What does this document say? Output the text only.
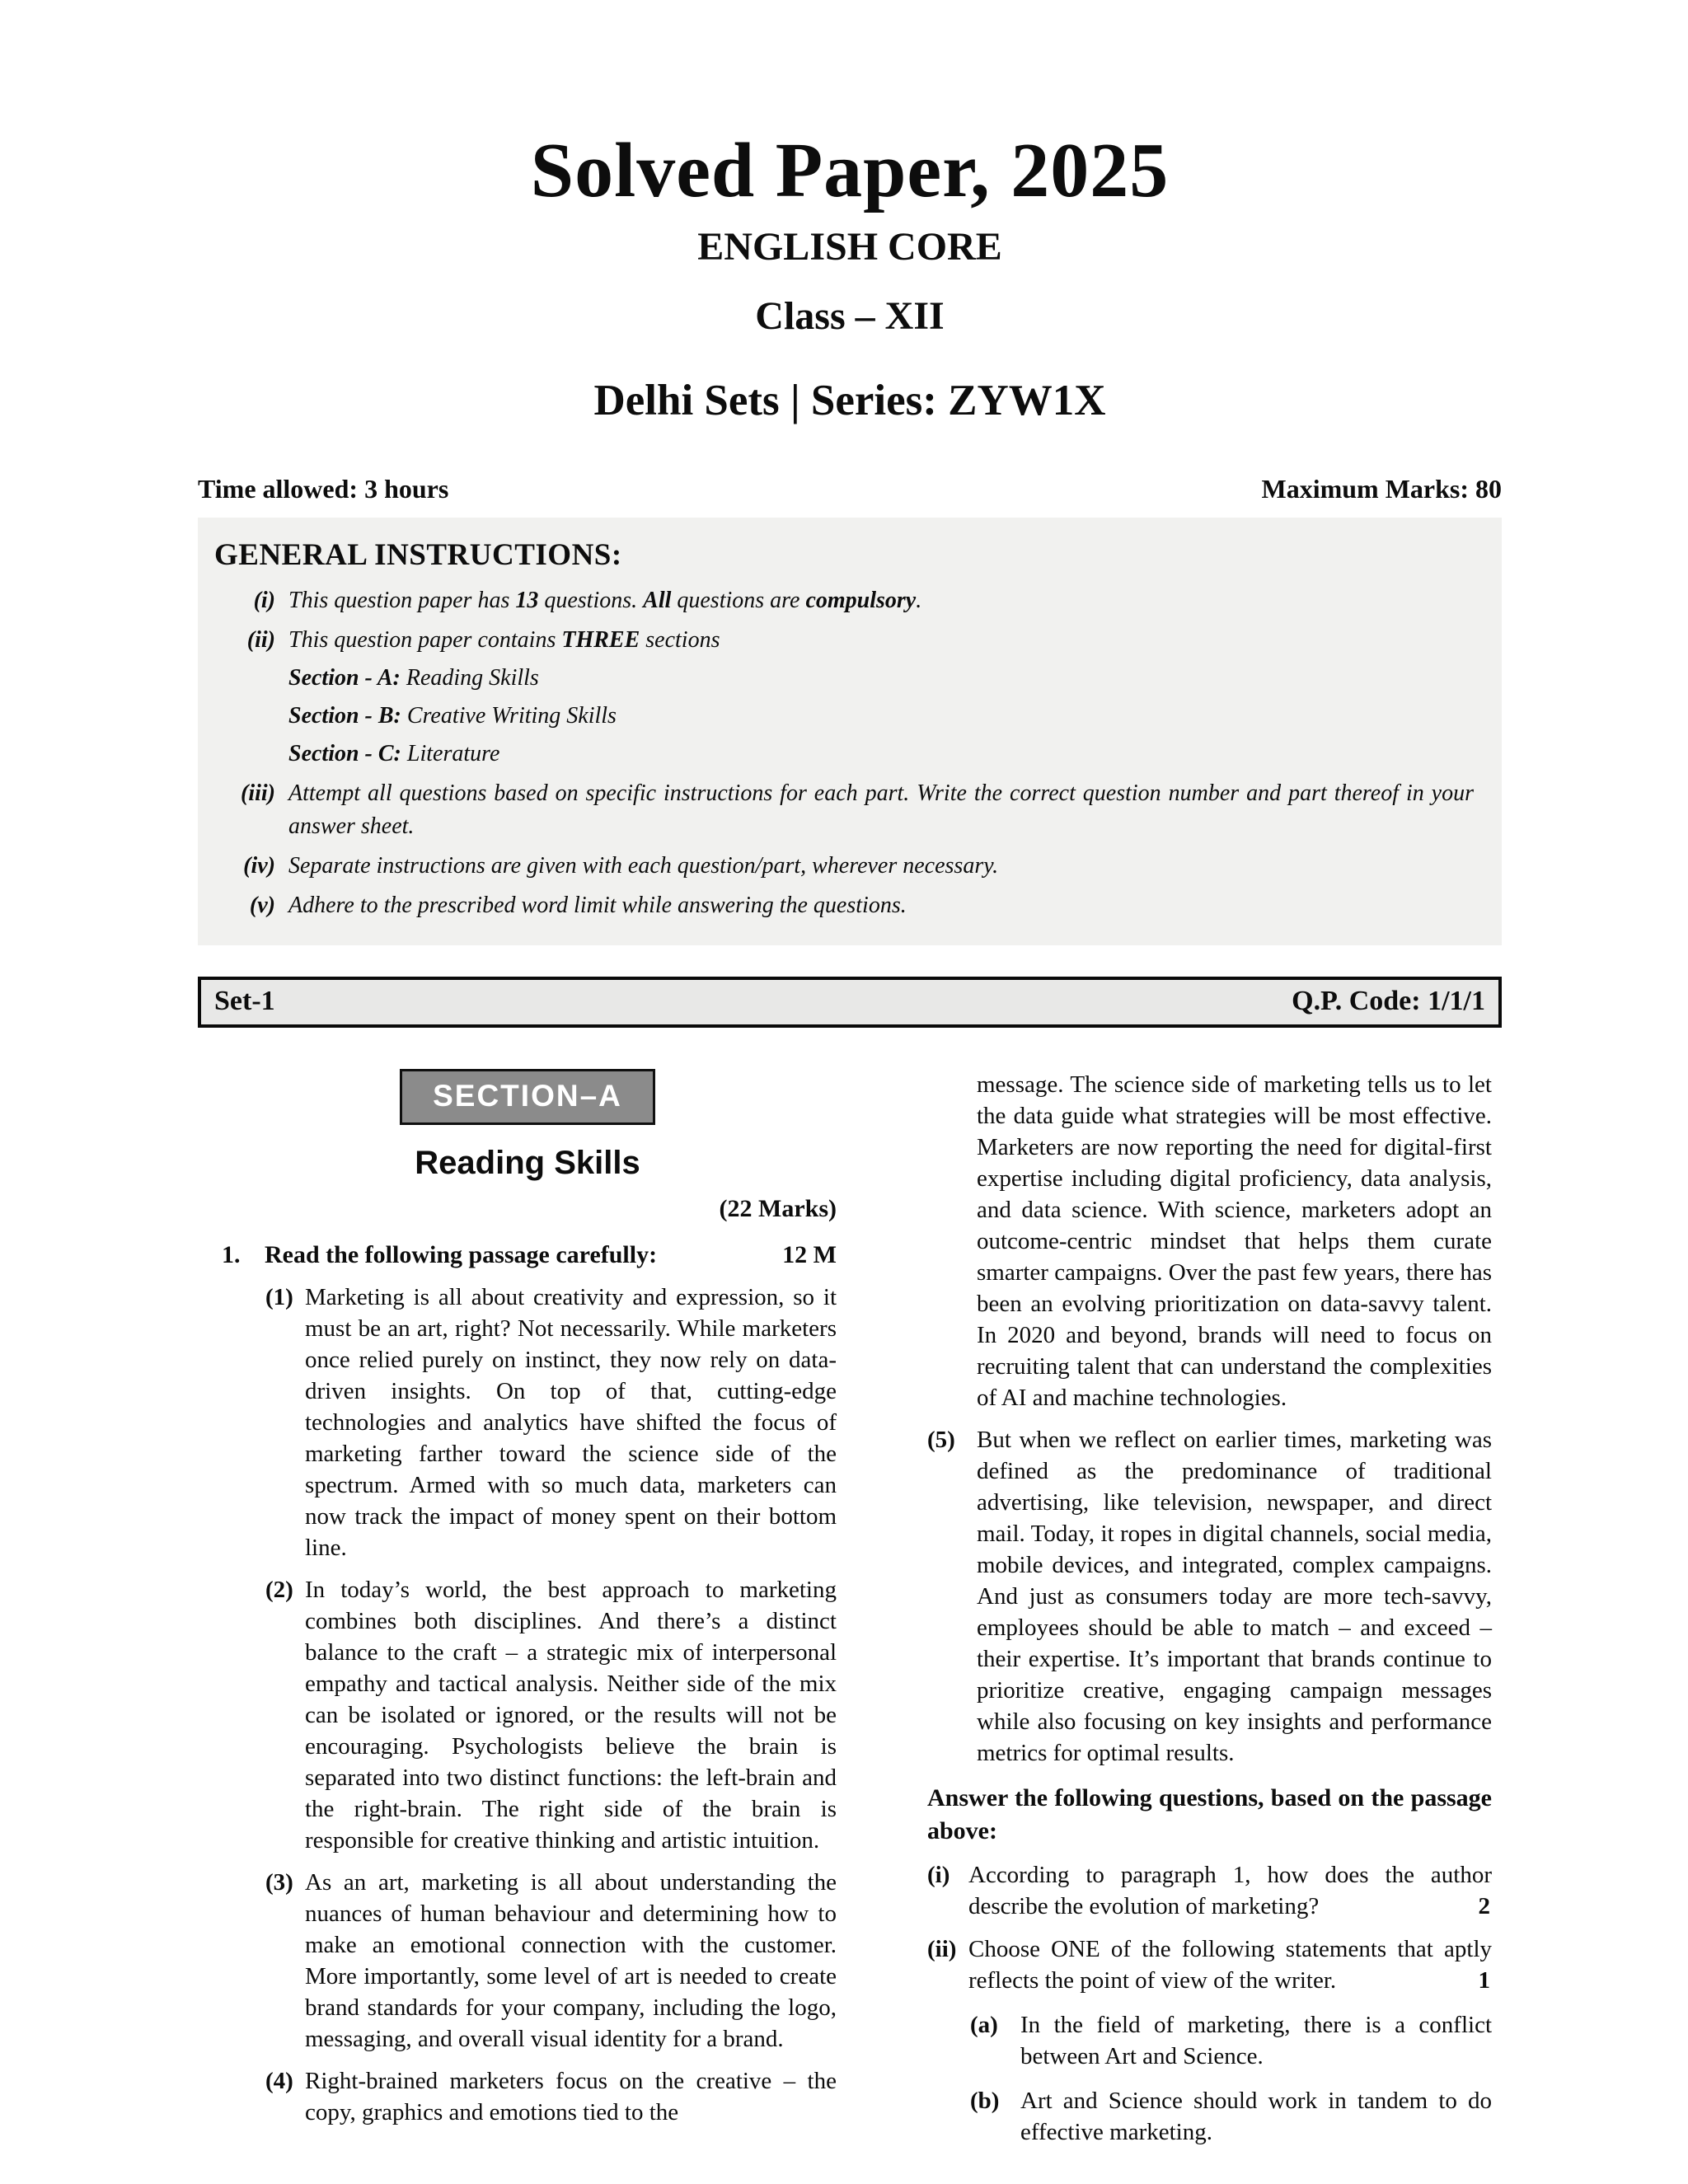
Solved Paper, 2025
ENGLISH CORE
Class – XII
Delhi Sets | Series: ZYW1X
Time allowed: 3 hours	Maximum Marks: 80
GENERAL INSTRUCTIONS:
(i) This question paper has 13 questions. All questions are compulsory.
(ii) This question paper contains THREE sections
Section - A: Reading Skills
Section - B: Creative Writing Skills
Section - C: Literature
(iii) Attempt all questions based on specific instructions for each part. Write the correct question number and part thereof in your answer sheet.
(iv) Separate instructions are given with each question/part, wherever necessary.
(v) Adhere to the prescribed word limit while answering the questions.
Set-1	Q.P. Code: 1/1/1
SECTION–A
Reading Skills
(22 Marks)
1. Read the following passage carefully:	12 M
(1) Marketing is all about creativity and expression, so it must be an art, right? Not necessarily. While marketers once relied purely on instinct, they now rely on data-driven insights. On top of that, cutting-edge technologies and analytics have shifted the focus of marketing farther toward the science side of the spectrum. Armed with so much data, marketers can now track the impact of money spent on their bottom line.
(2) In today’s world, the best approach to marketing combines both disciplines. And there’s a distinct balance to the craft – a strategic mix of interpersonal empathy and tactical analysis. Neither side of the mix can be isolated or ignored, or the results will not be encouraging. Psychologists believe the brain is separated into two distinct functions: the left-brain and the right-brain. The right side of the brain is responsible for creative thinking and artistic intuition.
(3) As an art, marketing is all about understanding the nuances of human behaviour and determining how to make an emotional connection with the customer. More importantly, some level of art is needed to create brand standards for your company, including the logo, messaging, and overall visual identity for a brand.
(4) Right-brained marketers focus on the creative – the copy, graphics and emotions tied to the
message. The science side of marketing tells us to let the data guide what strategies will be most effective. Marketers are now reporting the need for digital-first expertise including digital proficiency, data analysis, and data science. With science, marketers adopt an outcome-centric mindset that helps them curate smarter campaigns. Over the past few years, there has been an evolving prioritization on data-savvy talent. In 2020 and beyond, brands will need to focus on recruiting talent that can understand the complexities of AI and machine technologies.
(5) But when we reflect on earlier times, marketing was defined as the predominance of traditional advertising, like television, newspaper, and direct mail. Today, it ropes in digital channels, social media, mobile devices, and integrated, complex campaigns. And just as consumers today are more tech-savvy, employees should be able to match – and exceed – their expertise. It’s important that brands continue to prioritize creative, engaging campaign messages while also focusing on key insights and performance metrics for optimal results.
Answer the following questions, based on the passage above:
(i) According to paragraph 1, how does the author describe the evolution of marketing?	2
(ii) Choose ONE of the following statements that aptly reflects the point of view of the writer.	1
(a) In the field of marketing, there is a conflict between Art and Science.
(b) Art and Science should work in tandem to do effective marketing.
